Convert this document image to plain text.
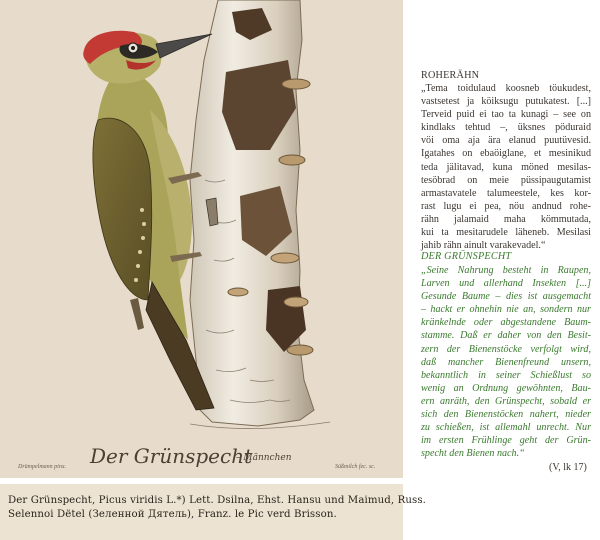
Der Grünspecht
– Männchen
Drümpelmann pinx.	Süßmilch fec. sc.
Der Grünspecht, Picus viridis L.*) Lett. Dsilna, Ehst. Hansu und Maimud, Russ.
Selennoi Dëtel (Зеленной Дятель), Franz. le Pic verd Brisson.
ROHERÄHN
„Tema toidulaud koosneb töukudest,
vastsetest ja köiksugu putukatest. [...]
Terveid puid ei tao ta kunagi – see on
kindlaks tehtud –, üksnes pöduraid
vöi oma aja ära elanud puutüvesid.
Igatahes on ebaöiglane, et mesinikud
teda jälitavad, kuna möned mesilas-
tesöbrad on meie püssipaugutamist
armastavatele talumeestele, kes kor-
rast lugu ei pea, nöu andnud rohe-
rähn jalamaid maha kömmutada,
kui ta mesitarudele läheneb. Mesilasi
jahib rähn ainult varakevadel.“
DER GRÜNSPECHT
„Seine Nahrung besteht in Raupen,
Larven und allerhand Insekten [...]
Gesunde Baume – dies ist ausgemacht
– hackt er ohnehin nie an, sondern nur
kränkelnde oder abgestandene Baum-
stamme. Daß er daher von den Besit-
zern der Bienenstöcke verfolgt wird,
daß mancher Bienenfreund unsern,
bekanntlich in seiner Schießlust so
wenig an Ordnung gewöhnten, Bau-
ern anräth, den Grünspecht, sobald er
sich den Bienenstöcken nahert, nieder
zu schießen, ist allemahl unrecht. Nur
im ersten Frühlinge geht der Grün-
specht den Bienen nach.“
(V, lk 17)
